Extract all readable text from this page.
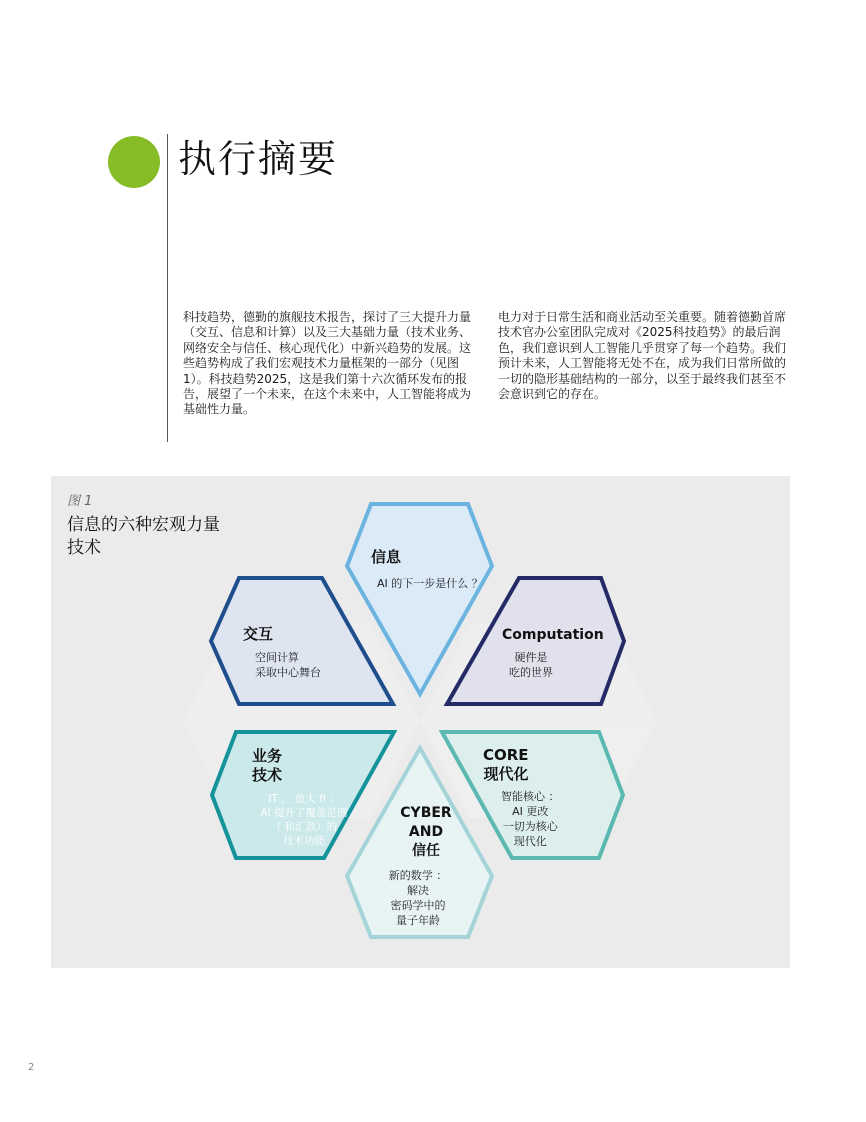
执行摘要
科技趋势，德勤的旗舰技术报告，探讨了三大提升力量（交互、信息和计算）以及三大基础力量（技术业务、网络安全与信任、核心现代化）中新兴趋势的发展。这些趋势构成了我们宏观技术力量框架的一部分（见图1）。科技趋势2025，这是我们第十六次循环发布的报告，展望了一个未来，在这个未来中，人工智能将成为基础性力量。
电力对于日常生活和商业活动至关重要。随着德勤首席技术官办公室团队完成对《2025科技趋势》的最后润色，我们意识到人工智能几乎贯穿了每一个趋势。我们预计未来，人工智能将无处不在，成为我们日常所做的一切的隐形基础结构的一部分，以至于最终我们甚至不会意识到它的存在。
图 1
信息的六种宏观力量
技术	信息
AI 的下一步是什么 ？
交互
空间计算
采取中心舞台
Computation
硬件是
吃的世界
业务
技术
IT ， 放大 fi ：
AI 提升了覆盖范围
（ 和汇款）的
技术功能
CORE
现代化
智能核心 ：
AI 更改
一切为核心
现代化
CYBER
AND
信任
新的数学 ：
解决
密码学中的
量子年龄
2
